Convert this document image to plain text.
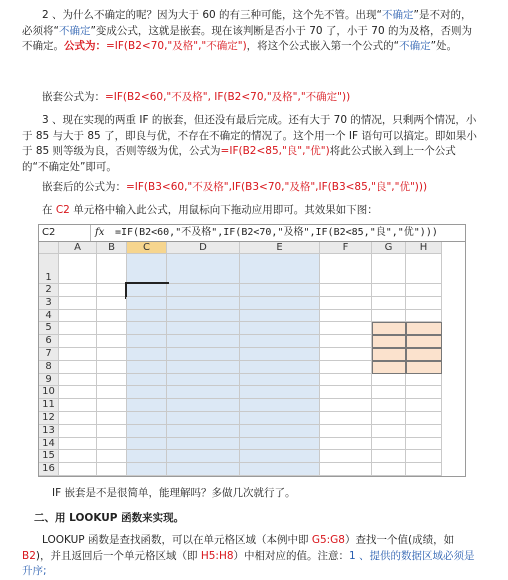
2 、为什么不确定的呢？因为大于 60 的有三种可能，这个先不管。出现“不确定”是不对的，必须将“不确定”变成公式，这就是嵌套。现在该判断是否小于 70 了，小于 70 的为及格，否则为不确定。公式为：=IF(B2<70,"及格","不确定")，将这个公式嵌入第一个公式的“不确定”处。
嵌套公式为：=IF(B2<60,"不及格", IF(B2<70,"及格","不确定"))
3 、现在实现的两重 IF 的嵌套，但还没有最后完成。还有大于 70 的情况，只剩两个情况，小于 85 与大于 85 了，即良与优，不存在不确定的情况了。这个用一个 IF 语句可以搞定。即如果小于 85 则等级为良，否则等级为优，公式为=IF(B2<85,"良","优")将此公式嵌入到上一个公式的“不确定处”即可。
嵌套后的公式为：=IF(B3<60,"不及格",IF(B3<70,"及格",IF(B3<85,"良","优")))
在 C2 单元格中输入此公式，用鼠标向下拖动应用即可。其效果如下图：
C2	fx	=IF(B2<60,"不及格",IF(B2<70,"及格",IF(B2<85,"良","优")))
A	B	C	D	E	F	G	H
1
2
3
4
5
6
7
8
9
10
11
12
13
14
15
16
IF 嵌套是不是很简单，能理解吗？多做几次就行了。
二、用 LOOKUP 函数来实现。
LOOKUP 函数是查找函数，可以在单元格区域（本例中即 G5:G8）查找一个值(成绩，如 B2)，并且返回后一个单元格区域（即 H5:H8）中相对应的值。注意：1 、提供的数据区域必须是升序;
